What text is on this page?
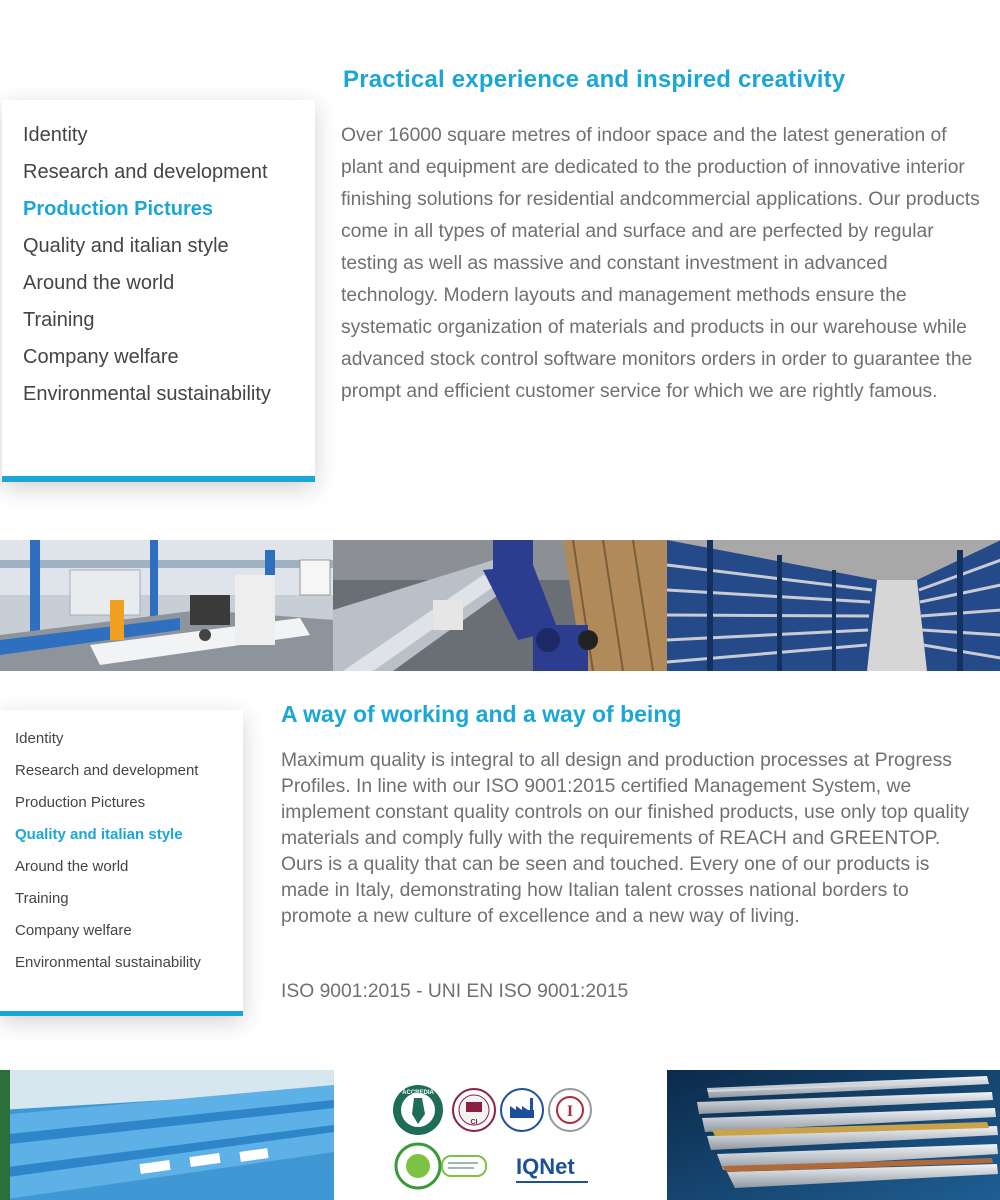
Practical experience and inspired creativity
Identity
Research and development
Production Pictures
Quality and italian style
Around the world
Training
Company welfare
Environmental sustainability

Over 16000 square metres of indoor space and the latest generation of plant and equipment are dedicated to the production of innovative interior finishing solutions for residential andcommercial applications. Our products come in all types of material and surface and are perfected by regular testing as well as massive and constant investment in advanced technology. Modern layouts and management methods ensure the systematic organization of materials and products in our warehouse while advanced stock control software monitors orders in order to guarantee the prompt and efficient customer service for which we are rightly famous.

A way of working and a way of being
Identity
Research and development
Production Pictures
Quality and italian style
Around the world
Training
Company welfare
Environmental sustainability

Maximum quality is integral to all design and production processes at Progress Profiles. In line with our ISO 9001:2015 certified Management System, we implement constant quality controls on our finished products, use only top quality materials and comply fully with the requirements of REACH and GREENTOP. Ours is a quality that can be seen and touched. Every one of our products is made in Italy, demonstrating how Italian talent crosses national borders to promote a new culture of excellence and a new way of living.

ISO 9001:2015 - UNI EN ISO 9001:2015

ACCREDIA
CI
I
IQNet
